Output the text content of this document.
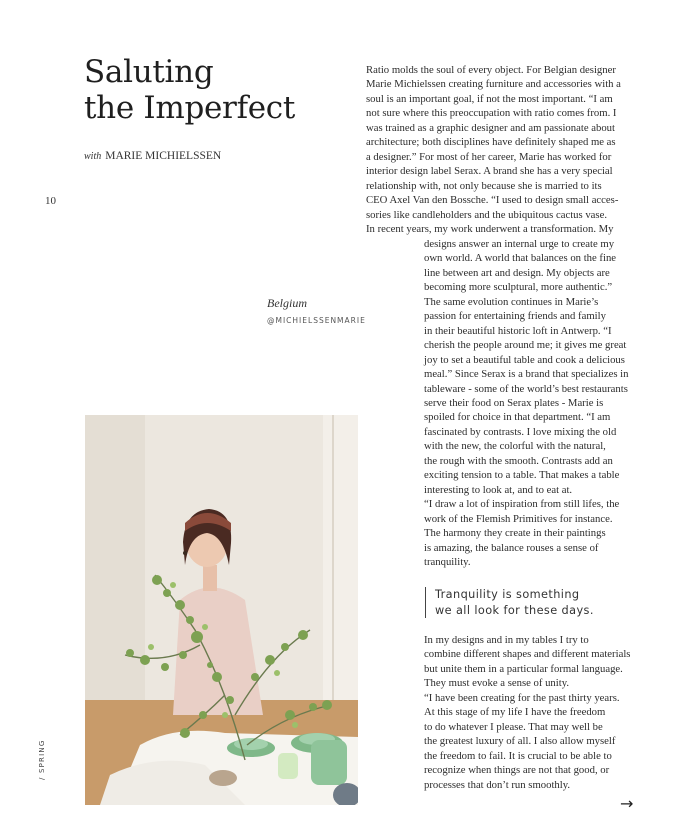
Saluting
the Imperfect
with MARIE MICHIELSSEN
10
Belgium
@MICHIELSSENMARIE
Ratio molds the soul of every object. For Belgian designer
Marie Michielssen creating furniture and accessories with a
soul is an important goal, if not the most important. “I am
not sure where this preoccupation with ratio comes from. I
was trained as a graphic designer and am passionate about
architecture; both disciplines have definitely shaped me as
a designer.” For most of her career, Marie has worked for
interior design label Serax. A brand she has a very special
relationship with, not only because she is married to its
CEO Axel Van den Bossche. “I used to design small acces-
sories like candleholders and the ubiquitous cactus vase.
In recent years, my work underwent a transformation. My
designs answer an internal urge to create my
own world. A world that balances on the fine
line between art and design. My objects are
becoming more sculptural, more authentic.”
The same evolution continues in Marie’s
passion for entertaining friends and family
in their beautiful historic loft in Antwerp. “I
cherish the people around me; it gives me great
joy to set a beautiful table and cook a delicious
meal.” Since Serax is a brand that specializes in
tableware - some of the world’s best restaurants
serve their food on Serax plates - Marie is
spoiled for choice in that department. “I am
fascinated by contrasts. I love mixing the old
with the new, the colorful with the natural,
the rough with the smooth. Contrasts add an
exciting tension to a table. That makes a table
interesting to look at, and to eat at.
“I draw a lot of inspiration from still lifes, the
work of the Flemish Primitives for instance.
The harmony they create in their paintings
is amazing, the balance rouses a sense of
tranquility.
Tranquility is something
we all look for these days.
In my designs and in my tables I try to
combine different shapes and different materials
but unite them in a particular formal language.
They must evoke a sense of unity.
“I have been creating for the past thirty years.
At this stage of my life I have the freedom
to do whatever I please. That may well be
the greatest luxury of all. I also allow myself
the freedom to fail. It is crucial to be able to
recognize when things are not that good, or
processes that don’t run smoothly.
/ SPRING
→
